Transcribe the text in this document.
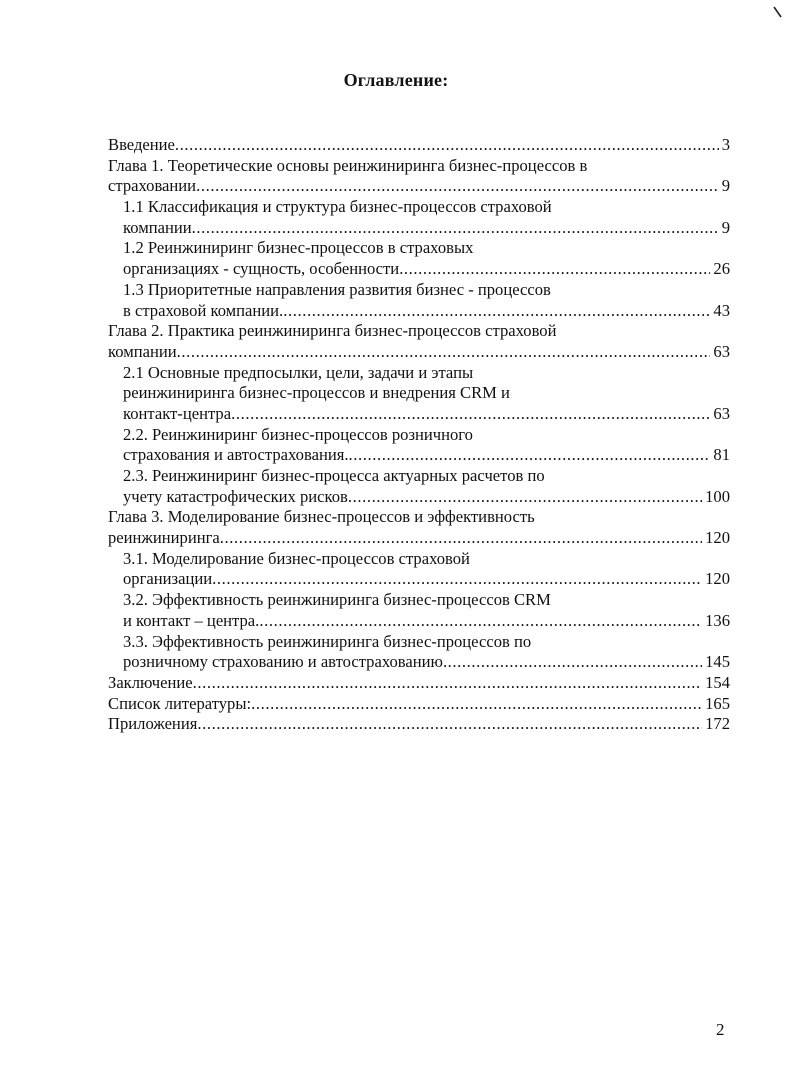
Оглавление:
Введение .....	3
Глава 1. Теоретические основы реинжиниринга бизнес-процессов в
страховании .....	9
1.1 Классификация и структура бизнес-процессов страховой
компании .....	9
1.2 Реинжиниринг бизнес-процессов в страховых
организациях - сущность, особенности .....	26
1.3 Приоритетные направления развития бизнес - процессов
в страховой компании. .....	43
Глава 2. Практика реинжиниринга бизнес-процессов страховой
компании .....	63
2.1 Основные предпосылки, цели, задачи и этапы
реинжиниринга бизнес-процессов и внедрения CRM и
контакт-центра .....	63
2.2. Реинжиниринг бизнес-процессов розничного
страхования и автострахования. .....	81
2.3. Реинжиниринг бизнес-процесса актуарных расчетов по
учету катастрофических рисков .....	100
Глава 3. Моделирование бизнес-процессов и эффективность
реинжиниринга .....	120
3.1. Моделирование бизнес-процессов страховой
организации .....	120
3.2. Эффективность реинжиниринга бизнес-процессов CRM
и контакт – центра. .....	136
3.3. Эффективность реинжиниринга бизнес-процессов по
розничному страхованию и автострахованию .....	145
Заключение .....	154
Список литературы: .....	165
Приложения .....	172
2
